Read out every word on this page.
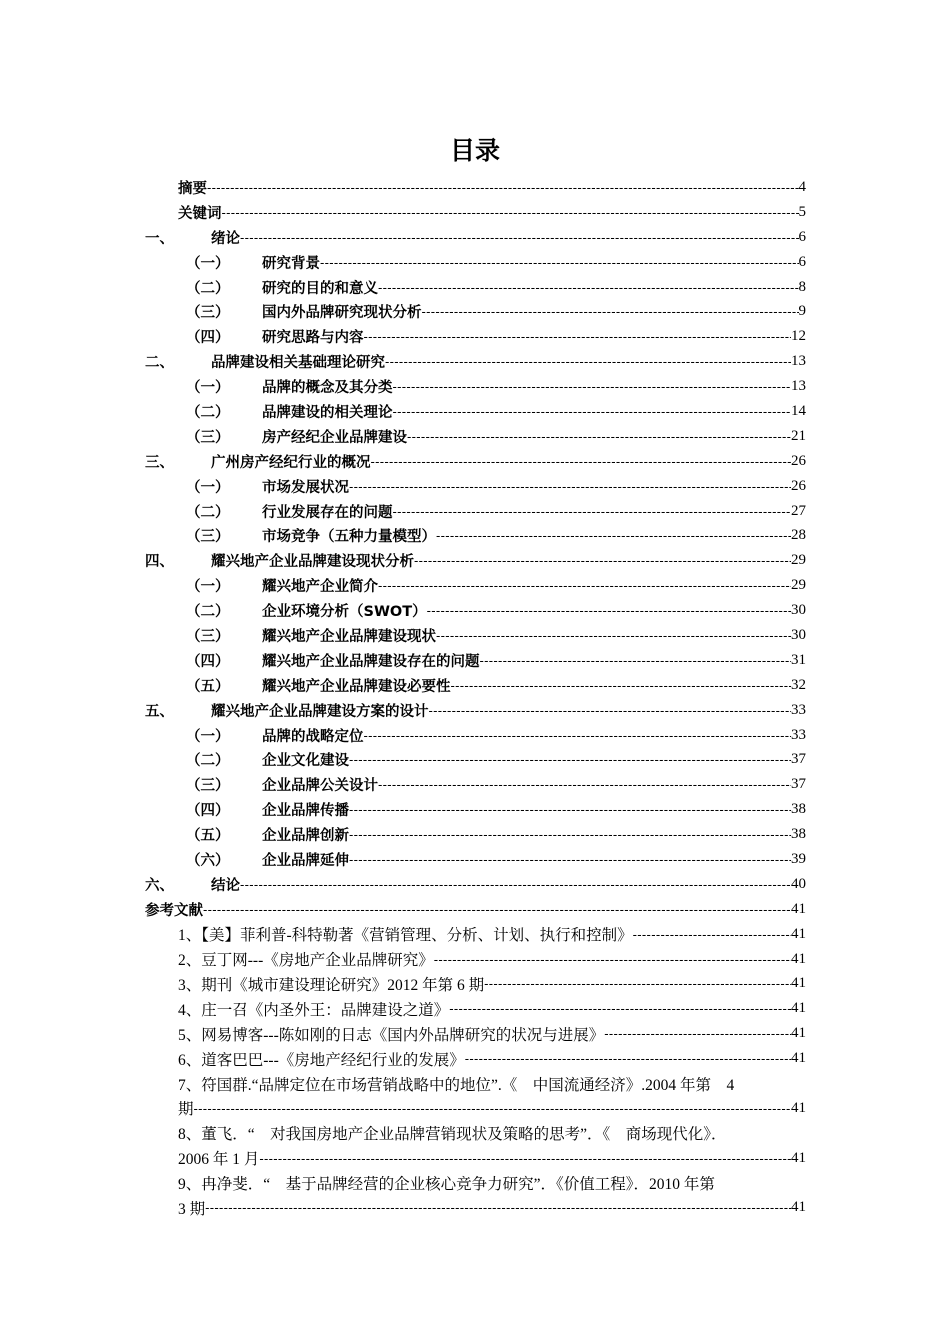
目录
摘要 -----	4
关键词 -----	5
一、	绪论 -----	6
（一）	研究背景 -----	6
（二）	研究的目的和意义 -----	8
（三）	国内外品牌研究现状分析 -----	9
（四）	研究思路与内容 -----	12
二、	品牌建设相关基础理论研究 -----	13
（一）	品牌的概念及其分类 -----	13
（二）	品牌建设的相关理论 -----	14
（三）	房产经纪企业品牌建设 -----	21
三、	广州房产经纪行业的概况 -----	26
（一）	市场发展状况 -----	26
（二）	行业发展存在的问题 -----	27
（三）	市场竞争（五种力量模型） -----	28
四、	耀兴地产企业品牌建设现状分析 -----	29
（一）	耀兴地产企业简介 -----	29
（二）	企业环境分析（SWOT） -----	30
（三）	耀兴地产企业品牌建设现状 -----	30
（四）	耀兴地产企业品牌建设存在的问题 -----	31
（五）	耀兴地产企业品牌建设必要性 -----	32
五、	耀兴地产企业品牌建设方案的设计 -----	33
（一）	品牌的战略定位 -----	33
（二）	企业文化建设 -----	37
（三）	企业品牌公关设计 -----	37
（四）	企业品牌传播 -----	38
（五）	企业品牌创新 -----	38
（六）	企业品牌延伸 -----	39
六、	结论 -----	40
参考文献 -----	41
1、【美】菲利普-科特勒著《营销管理、分析、计划、执行和控制》 -----	41
2、豆丁网---《房地产企业品牌研究》 -----	41
3、期刊《城市建设理论研究》2012 年第 6 期 -----	41
4、庄一召《内圣外王：品牌建设之道》 -----	41
5、网易博客---陈如刚的日志《国内外品牌研究的状况与进展》 -----	41
6、道客巴巴---《房地产经纪行业的发展》 -----	41
7、符国群.“品牌定位在市场营销战略中的地位”.《　中国流通经济》.2004 年第　4
期 -----	41
8、董飞．“　对我国房地产企业品牌营销现状及策略的思考”．《　商场现代化》．
2006 年 1 月 -----	41
9、冉净斐．“　基于品牌经营的企业核心竞争力研究”．《价值工程》．2010 年第
3 期 -----	41
